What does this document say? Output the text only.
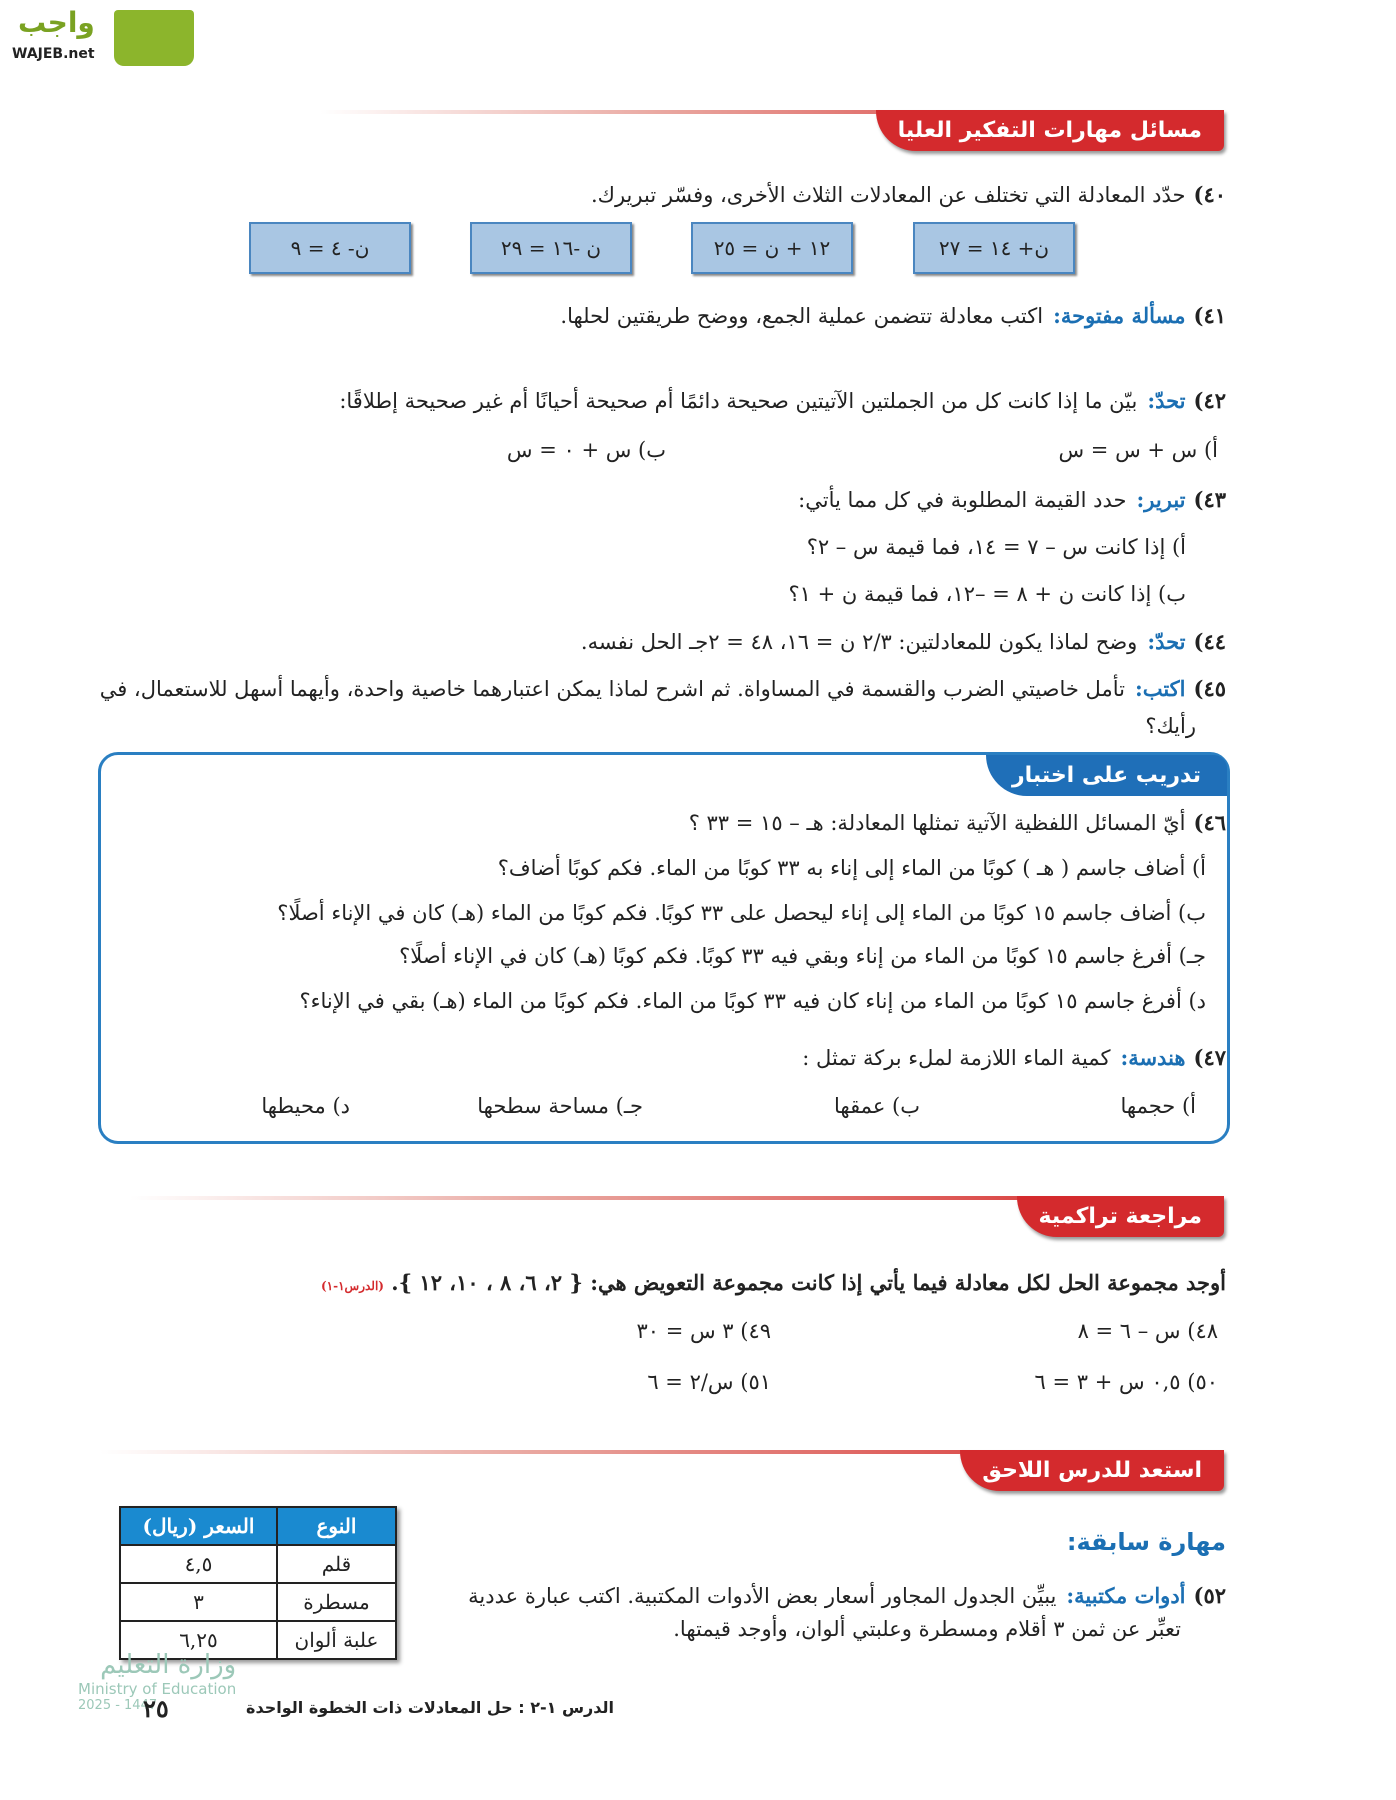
واجب
WAJEB.net
مسائل مهارات التفكير العليا
٤٠)حدّد المعادلة التي تختلف عن المعادلات الثلاث الأخرى، وفسّر تبريرك.
ن+ ١٤ = ٢٧
١٢ + ن = ٢٥
ن -١٦ = ٢٩
ن- ٤ = ٩
٤١)مسألة مفتوحة:اكتب معادلة تتضمن عملية الجمع، ووضح طريقتين لحلها.
٤٢)تحدّ:بيّن ما إذا كانت كل من الجملتين الآتيتين صحيحة دائمًا أم صحيحة أحيانًا أم غير صحيحة إطلاقًا:
أ) س + س = س
ب) س + ٠ = س
٤٣)تبرير:حدد القيمة المطلوبة في كل مما يأتي:
أ) إذا كانت س – ٧ = ١٤، فما قيمة س – ٢؟
ب) إذا كانت ن + ٨ = –١٢، فما قيمة ن + ١؟
٤٤)تحدّ:وضح لماذا يكون للمعادلتين: ٢/٣ ن = ١٦، ٤٨ = ٢جـ الحل نفسه.
٤٥)اكتب:تأمل خاصيتي الضرب والقسمة في المساواة. ثم اشرح لماذا يمكن اعتبارهما خاصية واحدة، وأيهما أسهل للاستعمال، في
رأيك؟
تدريب على اختبار
٤٦)أيّ المسائل اللفظية الآتية تمثلها المعادلة: هـ – ١٥ = ٣٣ ؟
أ) أضاف جاسم ( هـ ) كوبًا من الماء إلى إناء به ٣٣ كوبًا من الماء. فكم كوبًا أضاف؟
ب) أضاف جاسم ١٥ كوبًا من الماء إلى إناء ليحصل على ٣٣ كوبًا. فكم كوبًا من الماء (هـ) كان في الإناء أصلًا؟
جـ) أفرغ جاسم ١٥ كوبًا من الماء من إناء وبقي فيه ٣٣ كوبًا. فكم كوبًا (هـ) كان في الإناء أصلًا؟
د) أفرغ جاسم ١٥ كوبًا من الماء من إناء كان فيه ٣٣ كوبًا من الماء. فكم كوبًا من الماء (هـ) بقي في الإناء؟
٤٧)هندسة:كمية الماء اللازمة لملء بركة تمثل :
أ) حجمها
ب) عمقها
جـ) مساحة سطحها
د) محيطها
مراجعة تراكمية
أوجد مجموعة الحل لكل معادلة فيما يأتي إذا كانت مجموعة التعويض هي: { ٢، ٦، ٨ ، ١٠، ١٢ }. (الدرس١-١)
٤٨) س – ٦ = ٨
٤٩) ٣ س = ٣٠
٥٠) ٠,٥ س + ٣ = ٦
٥١) س/٢ = ٦
استعد للدرس اللاحق
مهارة سابقة:
٥٢)أدوات مكتبية:يبيِّن الجدول المجاور أسعار بعض الأدوات المكتبية. اكتب عبارة عددية
تعبِّر عن ثمن ٣ أقلام ومسطرة وعلبتي ألوان، وأوجد قيمتها.
النوع	السعر (ريال)
قلم	٤,٥
مسطرة	٣
علبة ألوان	٦,٢٥
وزارة التعليم
Ministry of Education
2025 - 1447
٢٥	الدرس ١-٢ : حل المعادلات ذات الخطوة الواحدة
